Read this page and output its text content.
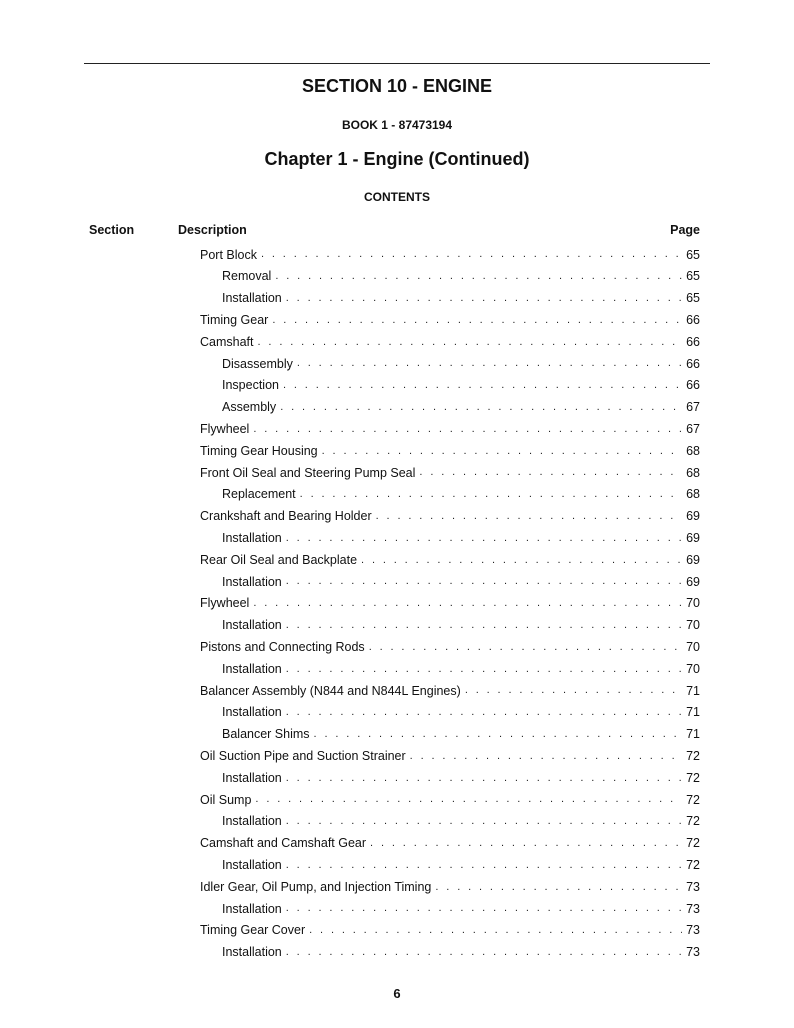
SECTION 10 - ENGINE
BOOK 1 - 87473194
Chapter 1 - Engine (Continued)
CONTENTS
Section	Description	Page
Port Block . . .	65
Removal . . .	65
Installation . . .	65
Timing Gear . . .	66
Camshaft . . .	66
Disassembly . . .	66
Inspection . . .	66
Assembly . . .	67
Flywheel . . .	67
Timing Gear Housing . . .	68
Front Oil Seal and Steering Pump Seal . . .	68
Replacement . . .	68
Crankshaft and Bearing Holder . . .	69
Installation . . .	69
Rear Oil Seal and Backplate . . .	69
Installation . . .	69
Flywheel . . .	70
Installation . . .	70
Pistons and Connecting Rods . . .	70
Installation . . .	70
Balancer Assembly (N844 and N844L Engines) . . .	71
Installation . . .	71
Balancer Shims . . .	71
Oil Suction Pipe and Suction Strainer . . .	72
Installation . . .	72
Oil Sump . . .	72
Installation . . .	72
Camshaft and Camshaft Gear . . .	72
Installation . . .	72
Idler Gear, Oil Pump, and Injection Timing . . .	73
Installation . . .	73
Timing Gear Cover . . .	73
Installation . . .	73
6
